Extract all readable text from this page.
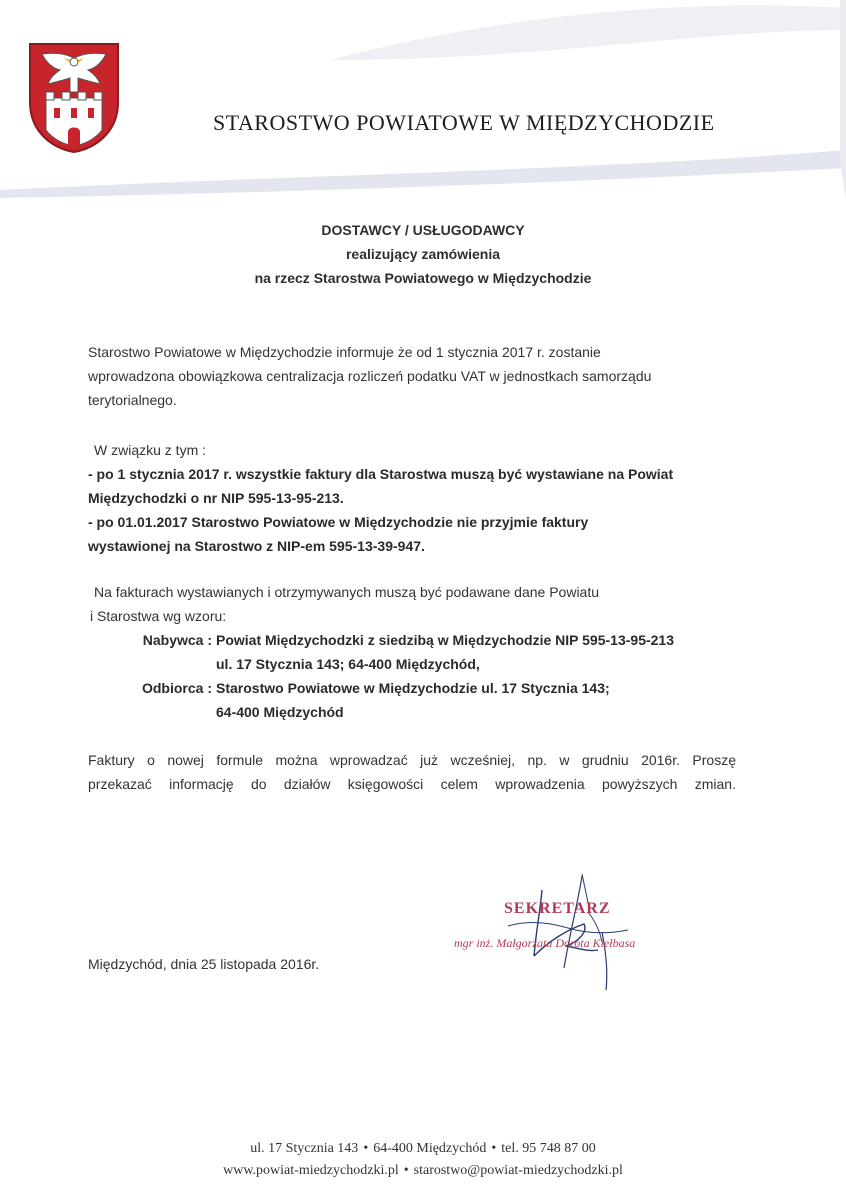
STAROSTWO POWIATOWE W MIĘDZYCHODZIE
DOSTAWCY / USŁUGODAWCY
realizujący zamówienia
na rzecz Starostwa Powiatowego w Międzychodzie
Starostwo Powiatowe w Międzychodzie informuje że od 1 stycznia 2017 r. zostanie
wprowadzona obowiązkowa centralizacja rozliczeń podatku VAT w jednostkach samorządu
terytorialnego.
W związku z tym :
- po 1 stycznia 2017 r. wszystkie faktury dla Starostwa muszą być wystawiane na Powiat
Międzychodzki o nr NIP 595-13-95-213.
- po 01.01.2017 Starostwo Powiatowe w Międzychodzie nie przyjmie faktury
wystawionej na Starostwo z NIP-em 595-13-39-947.
Na fakturach wystawianych i otrzymywanych muszą być podawane dane Powiatu
i Starostwa wg wzoru:
Nabywca : Powiat Międzychodzki z siedzibą w Międzychodzie NIP 595-13-95-213
ul. 17 Stycznia 143; 64-400 Międzychód,
Odbiorca : Starostwo Powiatowe w Międzychodzie ul. 17 Stycznia 143;
64-400 Międzychód
Faktury o nowej formule można wprowadzać już wcześniej, np. w grudniu 2016r. Proszę
przekazać informację do działów księgowości celem wprowadzenia powyższych zmian.
SEKRETARZ
mgr inż. Małgorzata Dorota Kiełbasa
Międzychód, dnia 25 listopada 2016r.
ul. 17 Stycznia 143 • 64-400 Międzychód • tel. 95 748 87 00
www.powiat-miedzychodzki.pl • starostwo@powiat-miedzychodzki.pl
